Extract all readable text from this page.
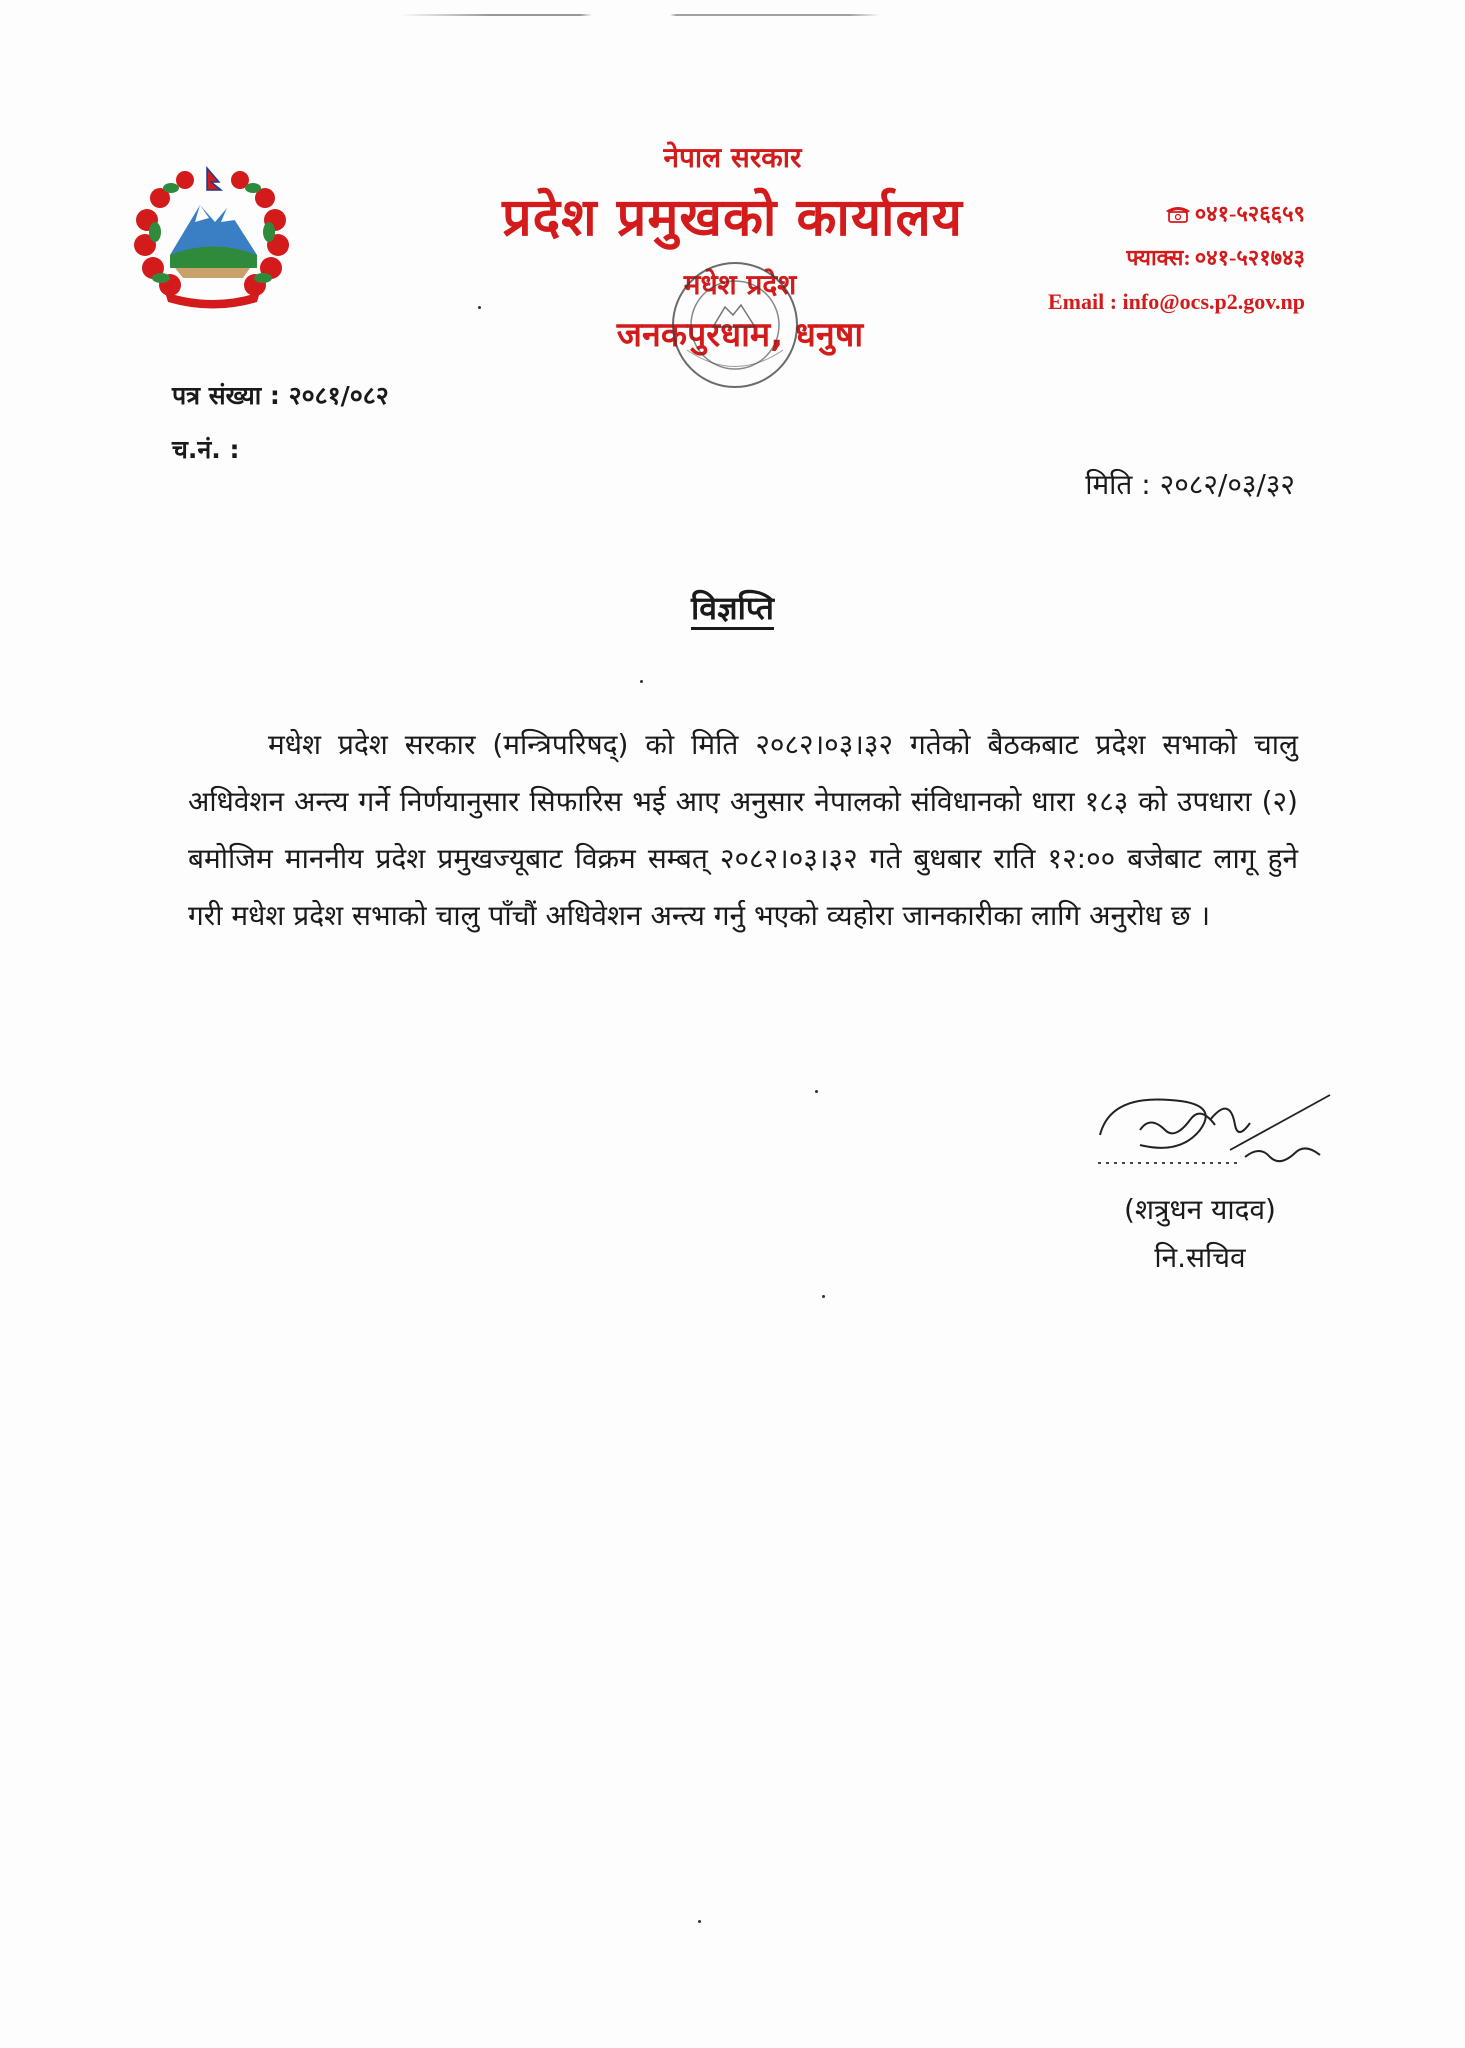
नेपाल सरकार
प्रदेश प्रमुखको कार्यालय
मधेश प्रदेश
जनकपुरधाम, धनुषा
०४१-५२६६५९
फ्याक्स: ०४१-५२१७४३
Email : info@ocs.p2.gov.np
पत्र संख्या : २०८१/०८२
च.नं. :
मिति : २०८२/०३/३२
विज्ञप्ति
मधेश प्रदेश सरकार (मन्त्रिपरिषद्) को मिति २०८२।०३।३२ गतेको बैठकबाट प्रदेश सभाको चालु अधिवेशन अन्त्य गर्ने निर्णयानुसार सिफारिस भई आए अनुसार नेपालको संविधानको धारा १८३ को उपधारा (२) बमोजिम माननीय प्रदेश प्रमुखज्यूबाट विक्रम सम्बत् २०८२।०३।३२ गते बुधबार राति १२:०० बजेबाट लागू हुने गरी मधेश प्रदेश सभाको चालु पाँचौं अधिवेशन अन्त्य गर्नु भएको व्यहोरा जानकारीका लागि अनुरोध छ ।
(शत्रुधन यादव)
नि.सचिव
